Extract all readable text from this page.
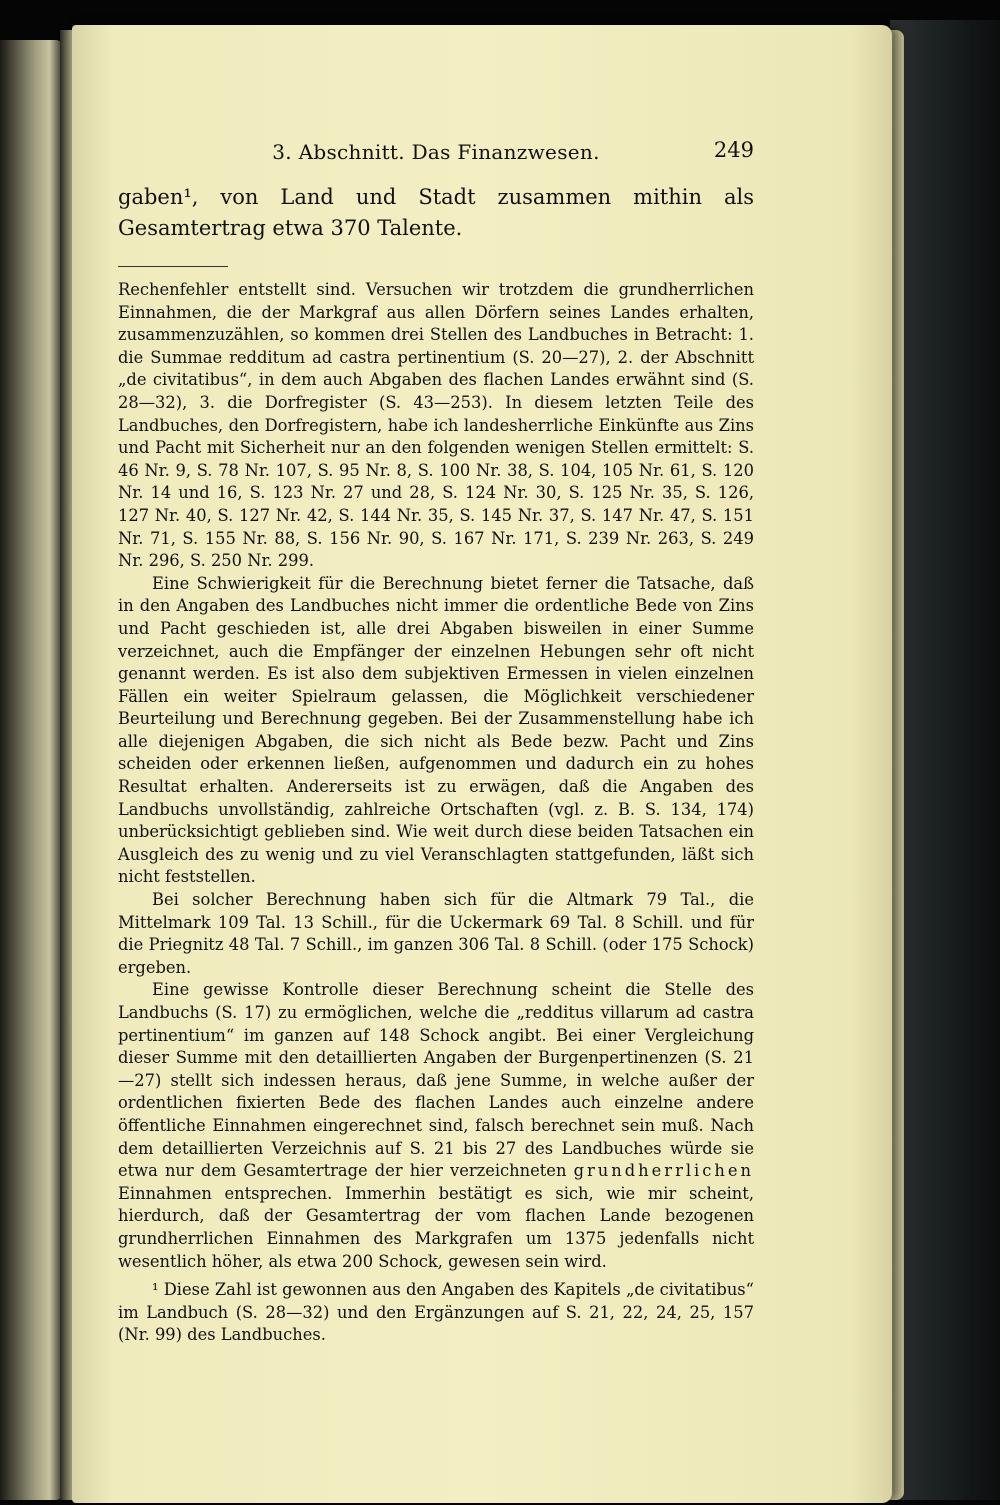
3. Abschnitt. Das Finanzwesen.	249
gaben¹, von Land und Stadt zusammen mithin als Gesamtertrag etwa 370 Talente.

Rechenfehler entstellt sind. Versuchen wir trotzdem die grundherrlichen Einnahmen, die der Markgraf aus allen Dörfern seines Landes erhalten, zusammenzuzählen, so kommen drei Stellen des Landbuches in Betracht: 1. die Summae redditum ad castra pertinentium (S. 20—27), 2. der Abschnitt „de civitatibus“, in dem auch Abgaben des flachen Landes erwähnt sind (S. 28—32), 3. die Dorfregister (S. 43—253). In diesem letzten Teile des Landbuches, den Dorfregistern, habe ich landesherrliche Einkünfte aus Zins und Pacht mit Sicherheit nur an den folgenden wenigen Stellen ermittelt: S. 46 Nr. 9, S. 78 Nr. 107, S. 95 Nr. 8, S. 100 Nr. 38, S. 104, 105 Nr. 61, S. 120 Nr. 14 und 16, S. 123 Nr. 27 und 28, S. 124 Nr. 30, S. 125 Nr. 35, S. 126, 127 Nr. 40, S. 127 Nr. 42, S. 144 Nr. 35, S. 145 Nr. 37, S. 147 Nr. 47, S. 151 Nr. 71, S. 155 Nr. 88, S. 156 Nr. 90, S. 167 Nr. 171, S. 239 Nr. 263, S. 249 Nr. 296, S. 250 Nr. 299.

Eine Schwierigkeit für die Berechnung bietet ferner die Tatsache, daß in den Angaben des Landbuches nicht immer die ordentliche Bede von Zins und Pacht geschieden ist, alle drei Abgaben bisweilen in einer Summe verzeichnet, auch die Empfänger der einzelnen Hebungen sehr oft nicht genannt werden. Es ist also dem subjektiven Ermessen in vielen einzelnen Fällen ein weiter Spielraum gelassen, die Möglichkeit verschiedener Beurteilung und Berechnung gegeben. Bei der Zusammenstellung habe ich alle diejenigen Abgaben, die sich nicht als Bede bezw. Pacht und Zins scheiden oder erkennen ließen, aufgenommen und dadurch ein zu hohes Resultat erhalten. Andererseits ist zu erwägen, daß die Angaben des Landbuchs unvollständig, zahlreiche Ortschaften (vgl. z. B. S. 134, 174) unberücksichtigt geblieben sind. Wie weit durch diese beiden Tatsachen ein Ausgleich des zu wenig und zu viel Veranschlagten stattgefunden, läßt sich nicht feststellen.

Bei solcher Berechnung haben sich für die Altmark 79 Tal., die Mittelmark 109 Tal. 13 Schill., für die Uckermark 69 Tal. 8 Schill. und für die Priegnitz 48 Tal. 7 Schill., im ganzen 306 Tal. 8 Schill. (oder 175 Schock) ergeben.

Eine gewisse Kontrolle dieser Berechnung scheint die Stelle des Landbuchs (S. 17) zu ermöglichen, welche die „redditus villarum ad castra pertinentium“ im ganzen auf 148 Schock angibt. Bei einer Vergleichung dieser Summe mit den detaillierten Angaben der Burgenpertinenzen (S. 21—27) stellt sich indessen heraus, daß jene Summe, in welche außer der ordentlichen fixierten Bede des flachen Landes auch einzelne andere öffentliche Einnahmen eingerechnet sind, falsch berechnet sein muß. Nach dem detaillierten Verzeichnis auf S. 21 bis 27 des Landbuches würde sie etwa nur dem Gesamtertrage der hier verzeichneten grundherrlichen Einnahmen entsprechen. Immerhin bestätigt es sich, wie mir scheint, hierdurch, daß der Gesamtertrag der vom flachen Lande bezogenen grundherrlichen Einnahmen des Markgrafen um 1375 jedenfalls nicht wesentlich höher, als etwa 200 Schock, gewesen sein wird.

¹ Diese Zahl ist gewonnen aus den Angaben des Kapitels „de civitatibus“ im Landbuch (S. 28—32) und den Ergänzungen auf S. 21, 22, 24, 25, 157 (Nr. 99) des Landbuches.
